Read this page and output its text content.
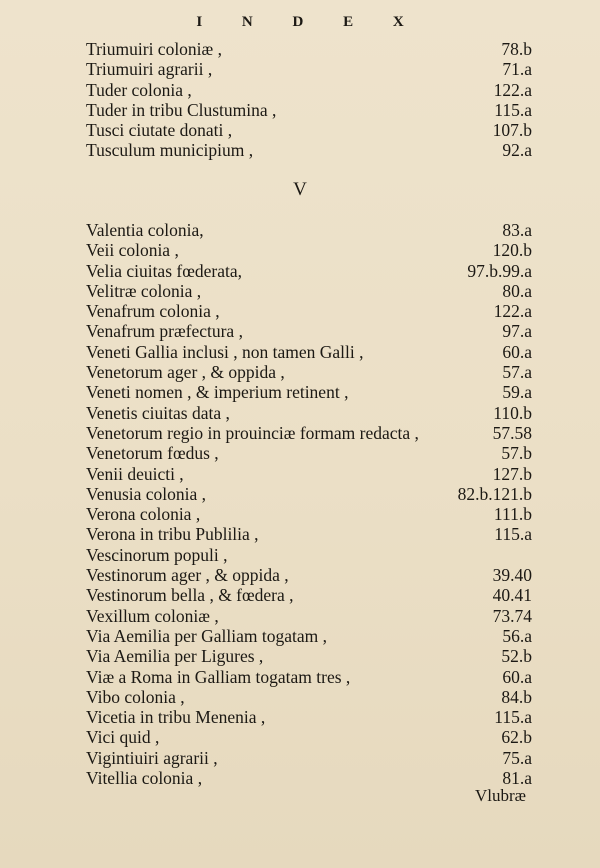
I N D E X
Triumuiri coloniæ ,	78.b
Triumuiri agrarii ,	71.a
Tuder colonia ,	122.a
Tuder in tribu Clustumina ,	115.a
Tusci ciutate donati ,	107.b
Tusculum municipium ,	92.a
V
Valentia colonia,	83.a
Veii colonia ,	120.b
Velia ciuitas fœderata,	97.b.99.a
Velitræ colonia ,	80.a
Venafrum colonia ,	122.a
Venafrum præfectura ,	97.a
Veneti Gallia inclusi , non tamen Galli ,	60.a
Venetorum ager , & oppida ,	57.a
Veneti nomen , & imperium retinent ,	59.a
Venetis ciuitas data ,	110.b
Venetorum regio in prouinciæ formam redacta ,	57.58
Venetorum fœdus ,	57.b
Venii deuicti ,	127.b
Venusia colonia ,	82.b.121.b
Verona colonia ,	111.b
Verona in tribu Publilia ,	115.a
Vescinorum populi ,
Vestinorum ager , & oppida ,	39.40
Vestinorum bella , & fœdera ,	40.41
Vexillum coloniæ ,	73.74
Via Aemilia per Galliam togatam ,	56.a
Via Aemilia per Ligures ,	52.b
Viæ a Roma in Galliam togatam tres ,	60.a
Vibo colonia ,	84.b
Vicetia in tribu Menenia ,	115.a
Vici quid ,	62.b
Vigintiuiri agrarii ,	75.a
Vitellia colonia ,	81.a
Vlubræ
